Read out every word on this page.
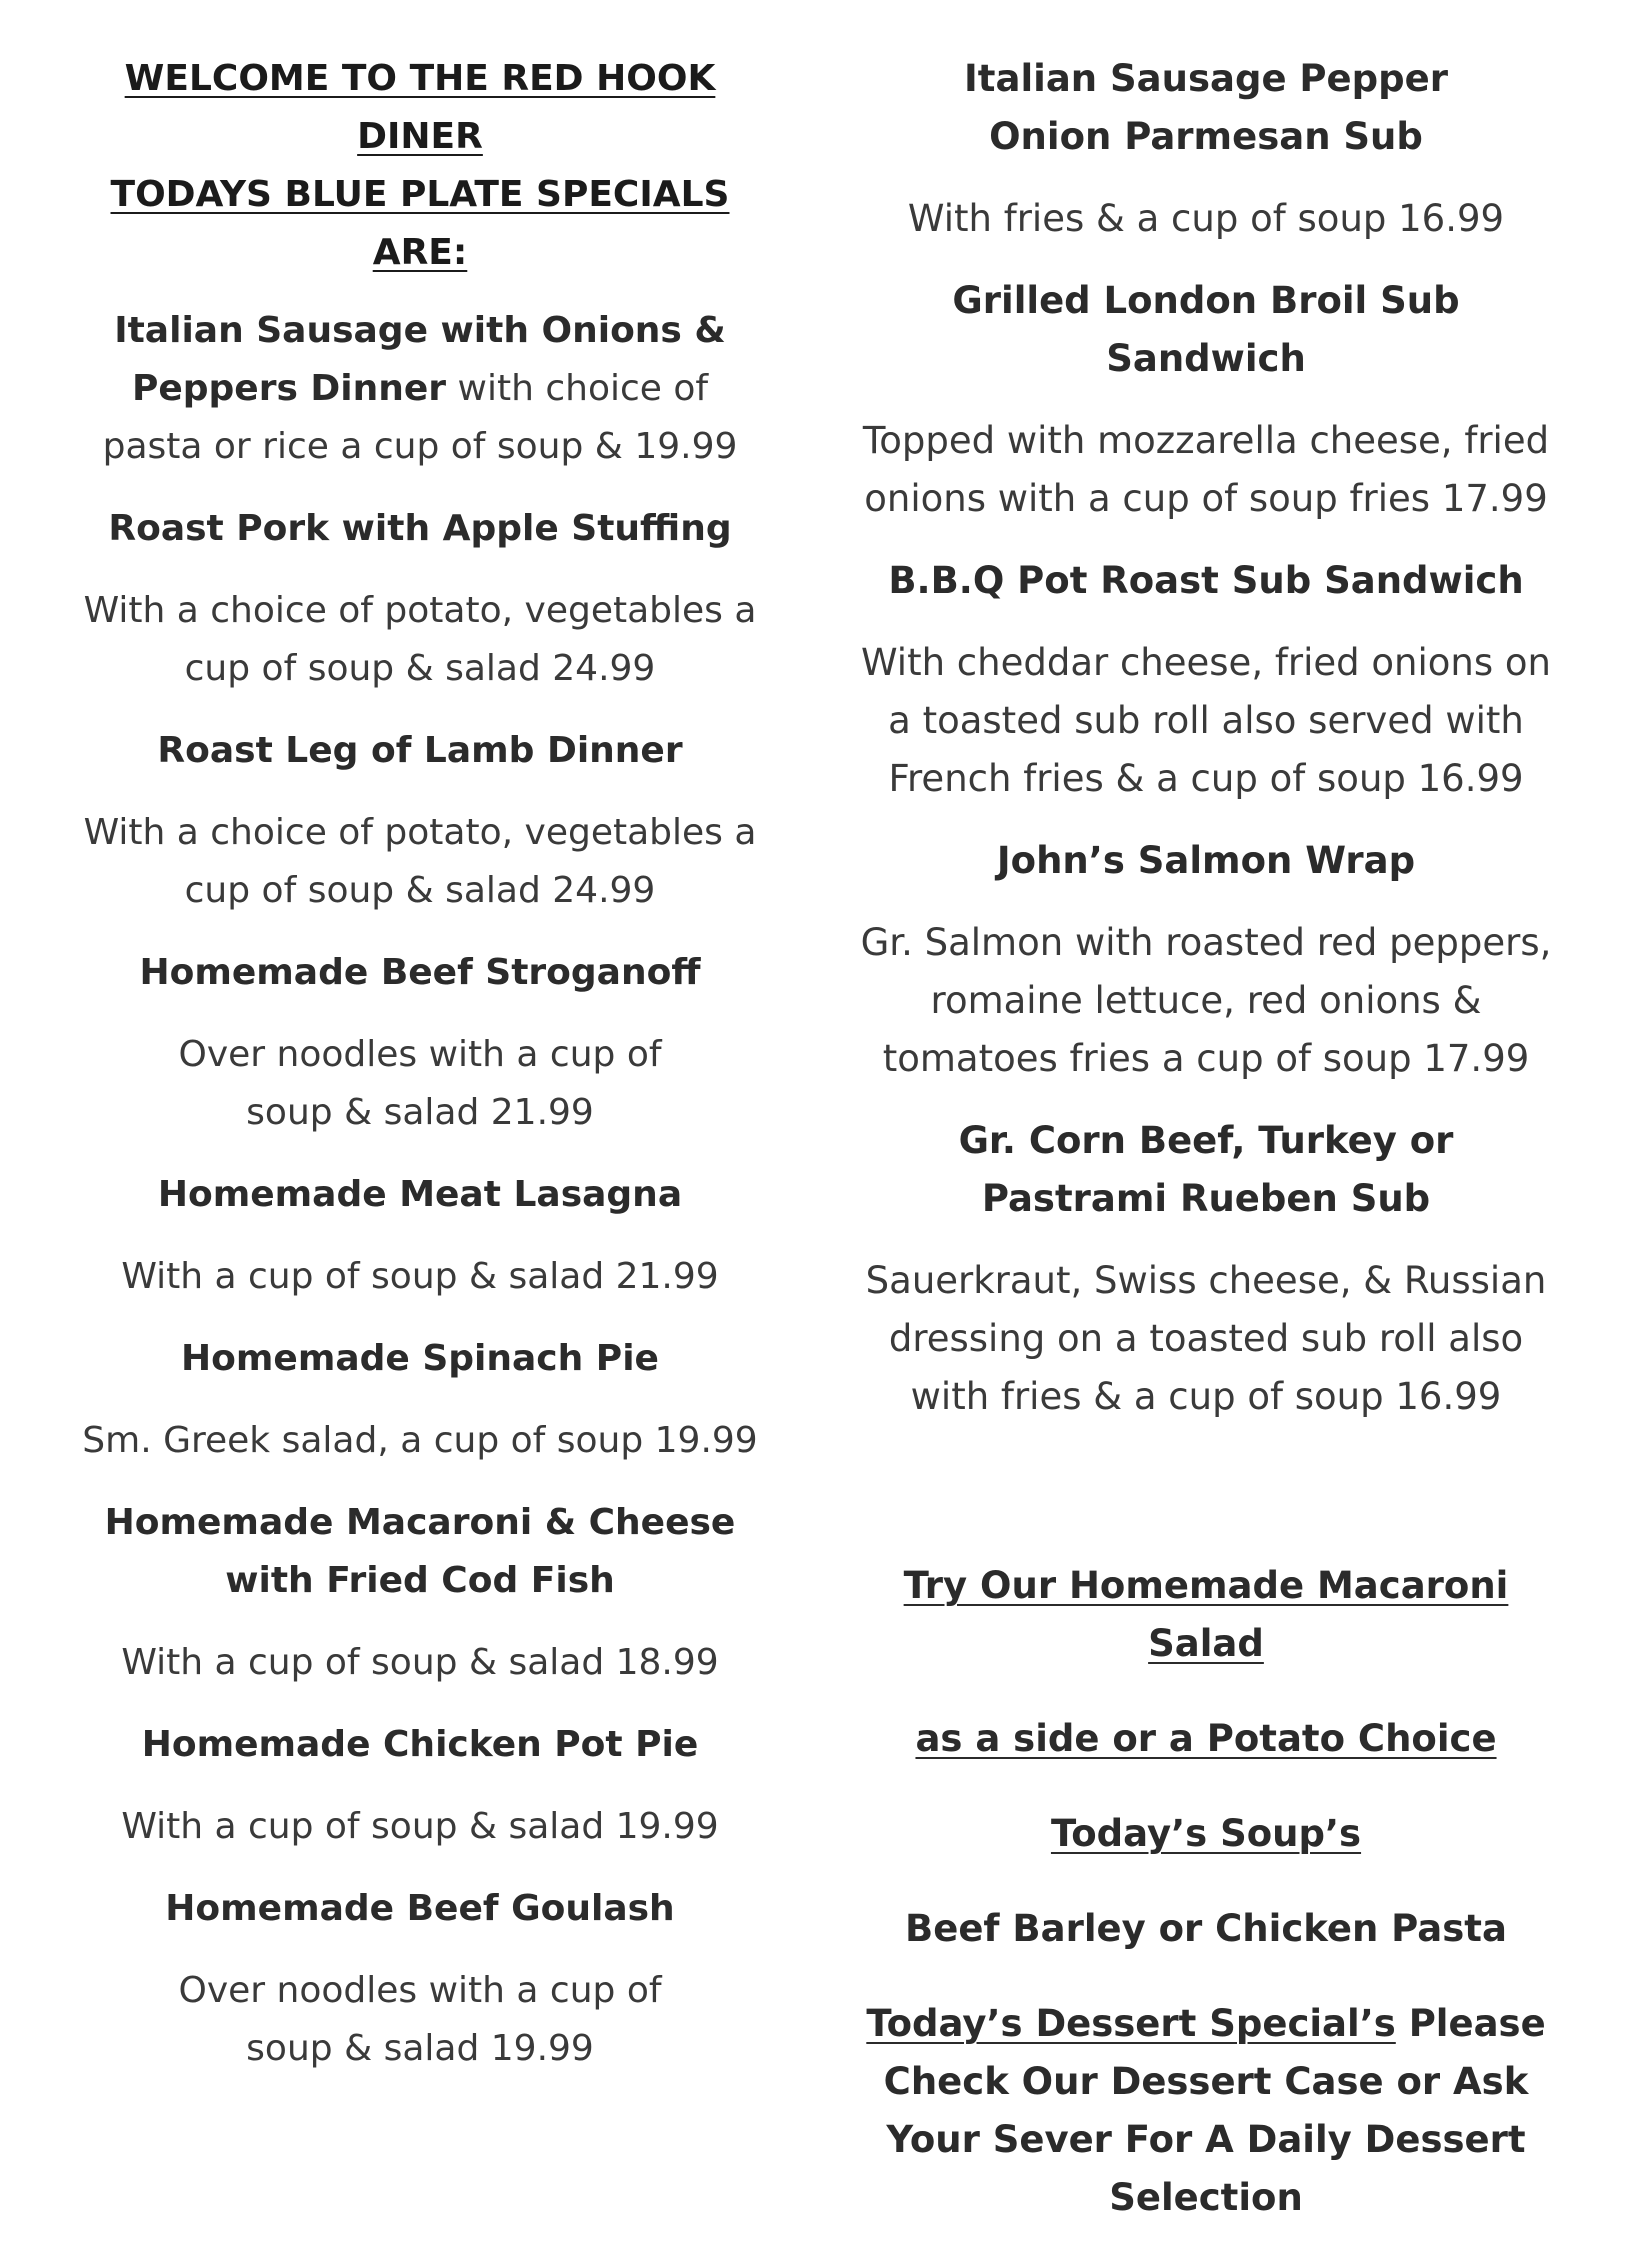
WELCOME TO THE RED HOOK DINER
TODAYS BLUE PLATE SPECIALS ARE:

Italian Sausage with Onions & Peppers Dinner with choice of pasta or rice a cup of soup & 19.99

Roast Pork with Apple Stuffing

With a choice of potato, vegetables a cup of soup & salad 24.99

Roast Leg of Lamb Dinner

With a choice of potato, vegetables a cup of soup & salad 24.99

Homemade Beef Stroganoff

Over noodles with a cup of soup & salad 21.99

Homemade Meat Lasagna

With a cup of soup & salad 21.99

Homemade Spinach Pie

Sm. Greek salad, a cup of soup 19.99

Homemade Macaroni & Cheese with Fried Cod Fish

With a cup of soup & salad 18.99

Homemade Chicken Pot Pie

With a cup of soup & salad 19.99

Homemade Beef Goulash

Over noodles with a cup of soup & salad 19.99

Italian Sausage Pepper Onion Parmesan Sub

With fries & a cup of soup 16.99

Grilled London Broil Sub Sandwich

Topped with mozzarella cheese, fried onions with a cup of soup fries 17.99

B.B.Q Pot Roast Sub Sandwich

With cheddar cheese, fried onions on a toasted sub roll also served with French fries & a cup of soup 16.99

John’s Salmon Wrap

Gr. Salmon with roasted red peppers, romaine lettuce, red onions & tomatoes fries a cup of soup 17.99

Gr. Corn Beef, Turkey or Pastrami Rueben Sub

Sauerkraut, Swiss cheese, & Russian dressing on a toasted sub roll also with fries & a cup of soup 16.99

Try Our Homemade Macaroni Salad

as a side or a Potato Choice

Today’s Soup’s

Beef Barley or Chicken Pasta

Today’s Dessert Special’s Please Check Our Dessert Case or Ask Your Sever For A Daily Dessert Selection
